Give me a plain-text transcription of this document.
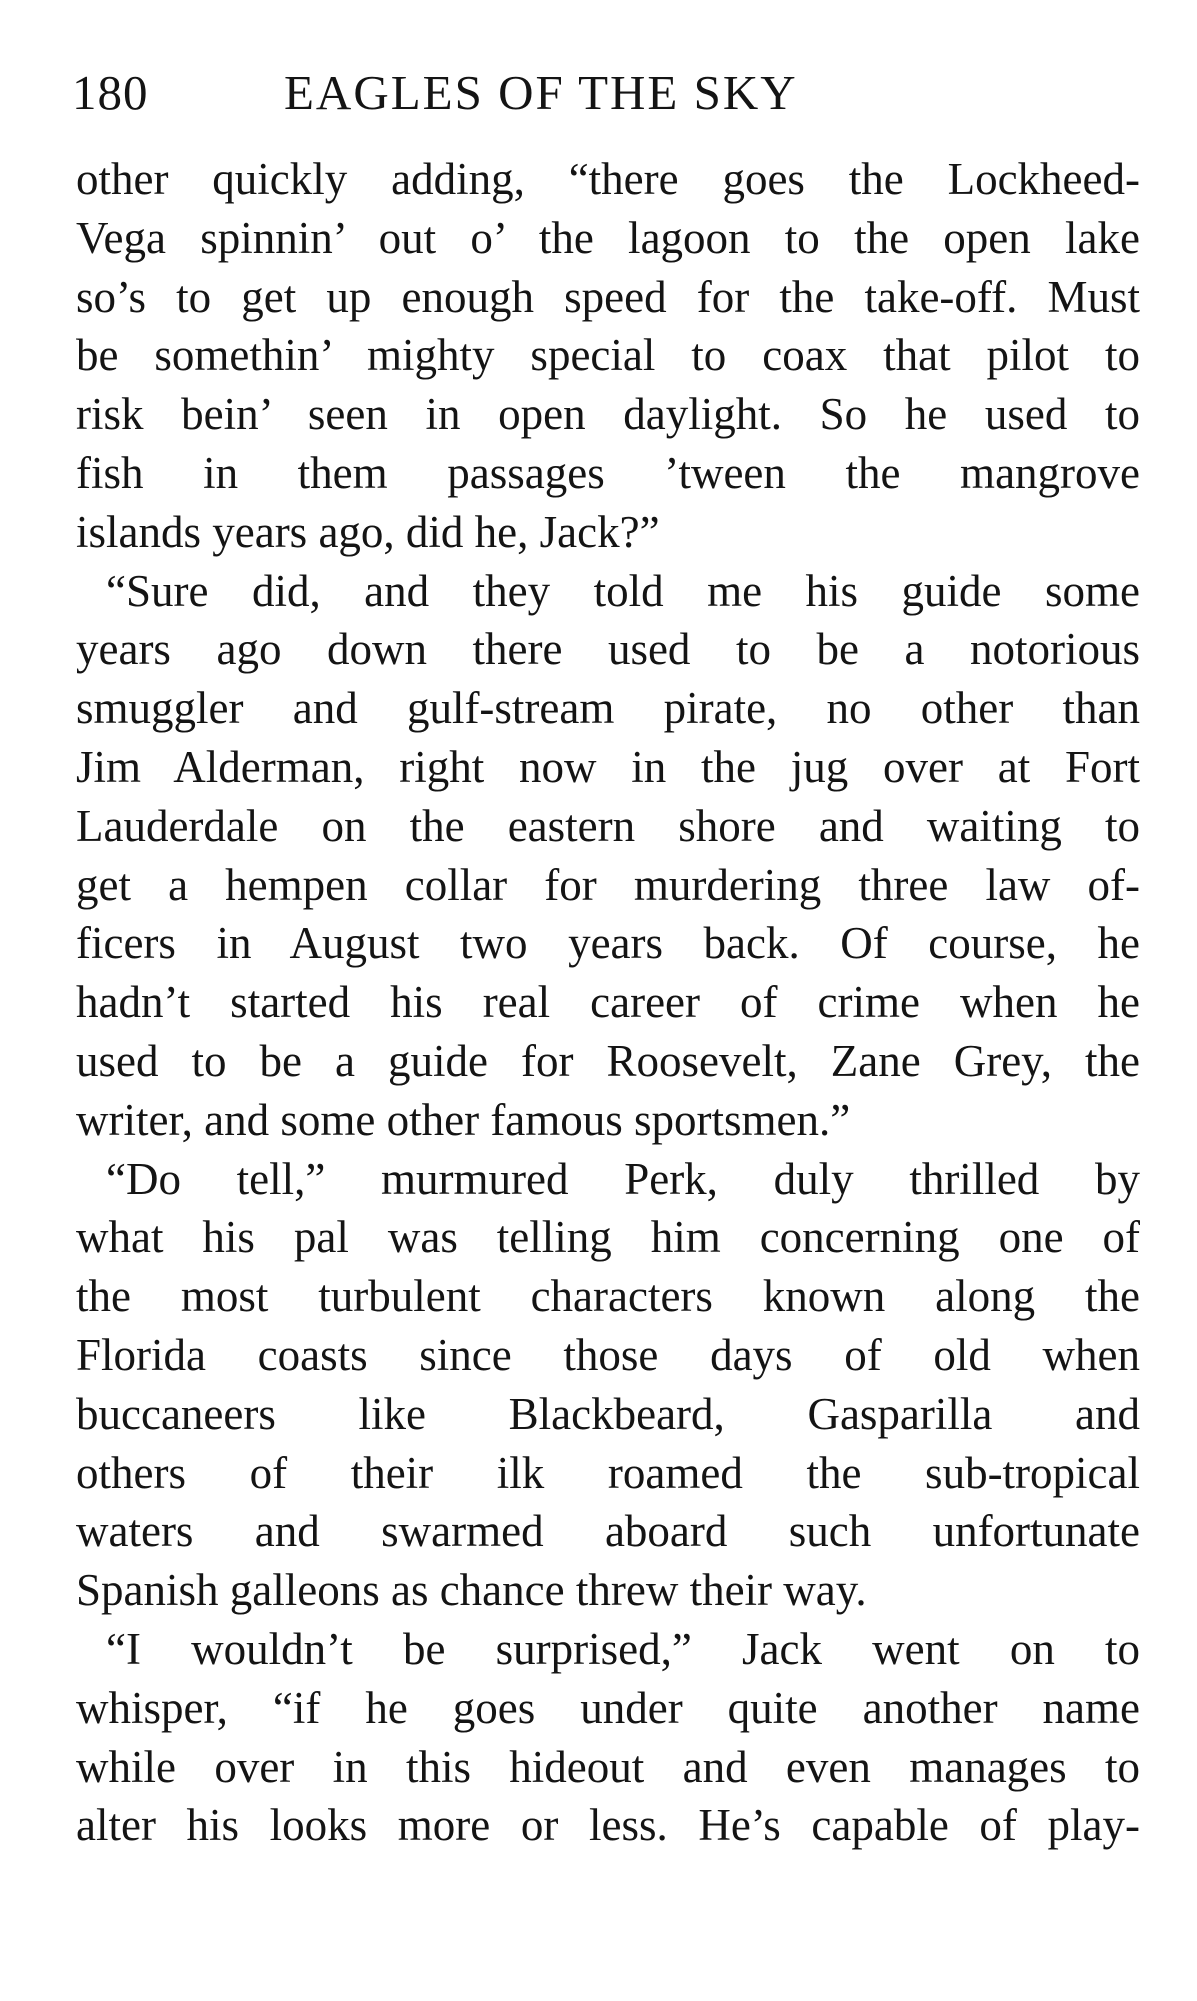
180	EAGLES OF THE SKY
other quickly adding, “there goes the Lockheed-
Vega spinnin’ out o’ the lagoon to the open lake
so’s to get up enough speed for the take-off. Must
be somethin’ mighty special to coax that pilot to
risk bein’ seen in open daylight. So he used to
fish in them passages ’tween the mangrove
islands years ago, did he, Jack?”
“Sure did, and they told me his guide some
years ago down there used to be a notorious
smuggler and gulf-stream pirate, no other than
Jim Alderman, right now in the jug over at Fort
Lauderdale on the eastern shore and waiting to
get a hempen collar for murdering three law of-
ficers in August two years back. Of course, he
hadn’t started his real career of crime when he
used to be a guide for Roosevelt, Zane Grey, the
writer, and some other famous sportsmen.”
“Do tell,” murmured Perk, duly thrilled by
what his pal was telling him concerning one of
the most turbulent characters known along the
Florida coasts since those days of old when
buccaneers like Blackbeard, Gasparilla and
others of their ilk roamed the sub-tropical
waters and swarmed aboard such unfortunate
Spanish galleons as chance threw their way.
“I wouldn’t be surprised,” Jack went on to
whisper, “if he goes under quite another name
while over in this hideout and even manages to
alter his looks more or less. He’s capable of play-
